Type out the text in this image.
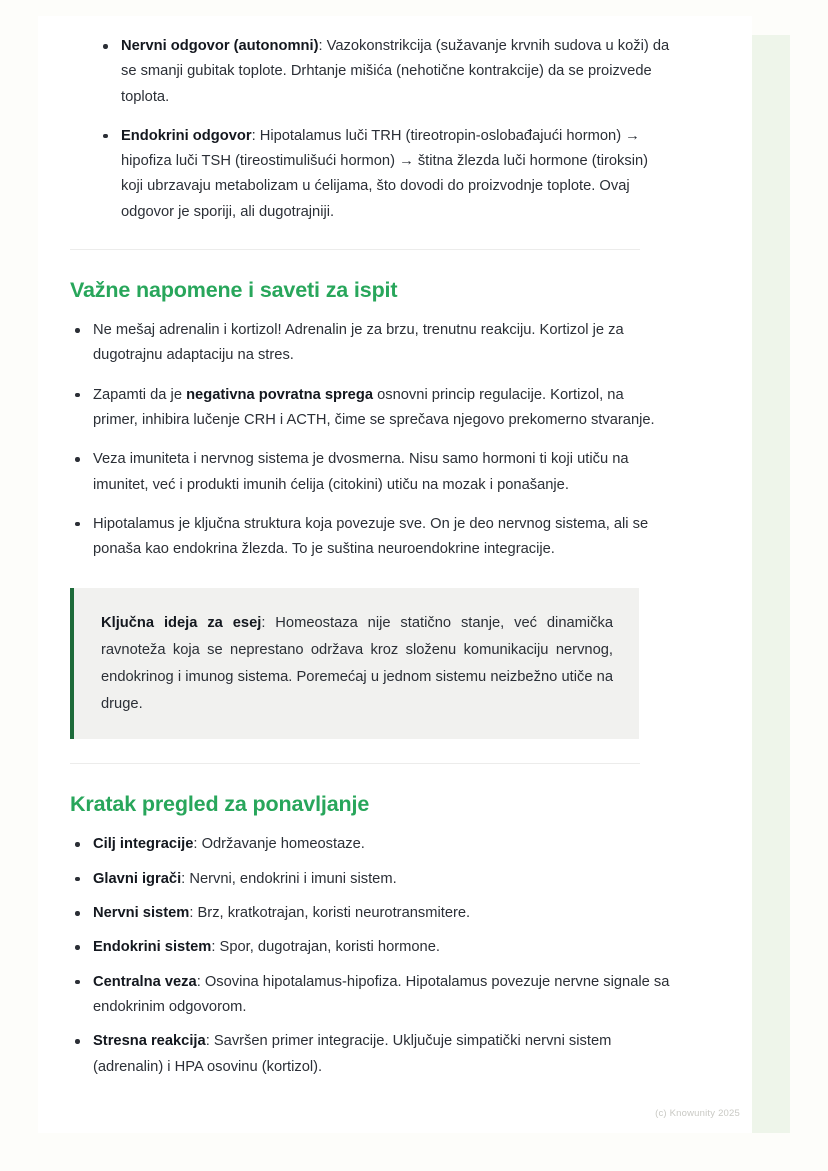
Nervni odgovor (autonomni): Vazokonstrikcija (sužavanje krvnih sudova u koži) da se smanji gubitak toplote. Drhtanje mišića (nehotične kontrakcije) da se proizvede toplota.
Endokrini odgovor: Hipotalamus luči TRH (tireotropin-oslobađajući hormon) → hipofiza luči TSH (tireostimulišući hormon) → štitna žlezda luči hormone (tiroksin) koji ubrzavaju metabolizam u ćelijama, što dovodi do proizvodnje toplote. Ovaj odgovor je sporiji, ali dugotrajniji.
Važne napomene i saveti za ispit
Ne mešaj adrenalin i kortizol! Adrenalin je za brzu, trenutnu reakciju. Kortizol je za dugotrajnu adaptaciju na stres.
Zapamti da je negativna povratna sprega osnovni princip regulacije. Kortizol, na primer, inhibira lučenje CRH i ACTH, čime se sprečava njegovo prekomerno stvaranje.
Veza imuniteta i nervnog sistema je dvosmerna. Nisu samo hormoni ti koji utiču na imunitet, već i produkti imunih ćelija (citokini) utiču na mozak i ponašanje.
Hipotalamus je ključna struktura koja povezuje sve. On je deo nervnog sistema, ali se ponaša kao endokrina žlezda. To je suština neuroendokrine integracije.

Ključna ideja za esej: Homeostaza nije statično stanje, već dinamička ravnoteža koja se neprestano održava kroz složenu komunikaciju nervnog, endokrinog i imunog sistema. Poremećaj u jednom sistemu neizbežno utiče na druge.

Kratak pregled za ponavljanje
Cilj integracije: Održavanje homeostaze.
Glavni igrači: Nervni, endokrini i imuni sistem.
Nervni sistem: Brz, kratkotrajan, koristi neurotransmitere.
Endokrini sistem: Spor, dugotrajan, koristi hormone.
Centralna veza: Osovina hipotalamus-hipofiza. Hipotalamus povezuje nervne signale sa endokrinim odgovorom.
Stresna reakcija: Savršen primer integracije. Uključuje simpatički nervni sistem (adrenalin) i HPA osovinu (kortizol).
(c) Knowunity 2025
